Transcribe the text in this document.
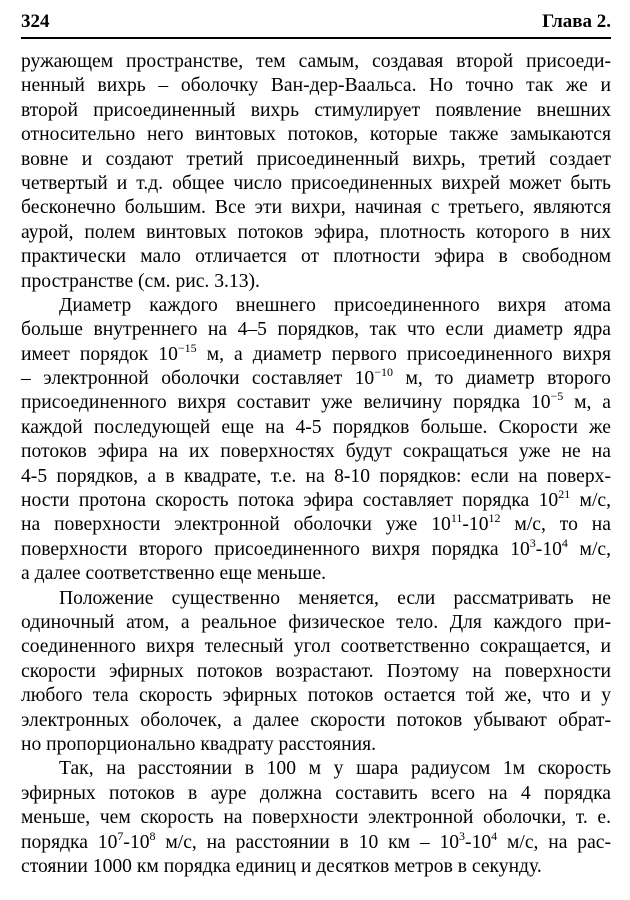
324	Глава 2.
ружающем пространстве, тем самым, создавая второй присоеди-
ненный вихрь – оболочку Ван-дер-Ваальса. Но точно так же и
второй присоединенный вихрь стимулирует появление внешних
относительно него винтовых потоков, которые также замыкаются
вовне и создают третий присоединенный вихрь, третий создает
четвертый и т.д. общее число присоединенных вихрей может быть
бесконечно большим. Все эти вихри, начиная с третьего, являются
аурой, полем винтовых потоков эфира, плотность которого в них
практически мало отличается от плотности эфира в свободном
пространстве (см. рис. 3.13).
Диаметр каждого внешнего присоединенного вихря атома
больше внутреннего на 4–5 порядков, так что если диаметр ядра
имеет порядок $10^{-15}$ м, а диаметр первого присоединенного вихря
– электронной оболочки составляет $10^{-10}$ м, то диаметр второго
присоединенного вихря составит уже величину порядка $10^{-5}$ м, а
каждой последующей еще на 4-5 порядков больше. Скорости же
потоков эфира на их поверхностях будут сокращаться уже не на
4-5 порядков, а в квадрате, т.е. на 8-10 порядков: если на поверх-
ности протона скорость потока эфира составляет порядка $10^{21}$ м/с,
на поверхности электронной оболочки уже $10^{11}-10^{12}$ м/с, то на
поверхности второго присоединенного вихря порядка $10^3-10^4$ м/с,
а далее соответственно еще меньше.
Положение существенно меняется, если рассматривать не
одиночный атом, а реальное физическое тело. Для каждого при-
соединенного вихря телесный угол соответственно сокращается, и
скорости эфирных потоков возрастают. Поэтому на поверхности
любого тела скорость эфирных потоков остается той же, что и у
электронных оболочек, а далее скорости потоков убывают обрат-
но пропорционально квадрату расстояния.
Так, на расстоянии в 100 м у шара радиусом 1м скорость
эфирных потоков в ауре должна составить всего на 4 порядка
меньше, чем скорость на поверхности электронной оболочки, т. е.
порядка $10^7-10^8$ м/с, на расстоянии в 10 км – $10^3-10^4$ м/с, на рас-
стоянии 1000 км порядка единиц и десятков метров в секунду.
